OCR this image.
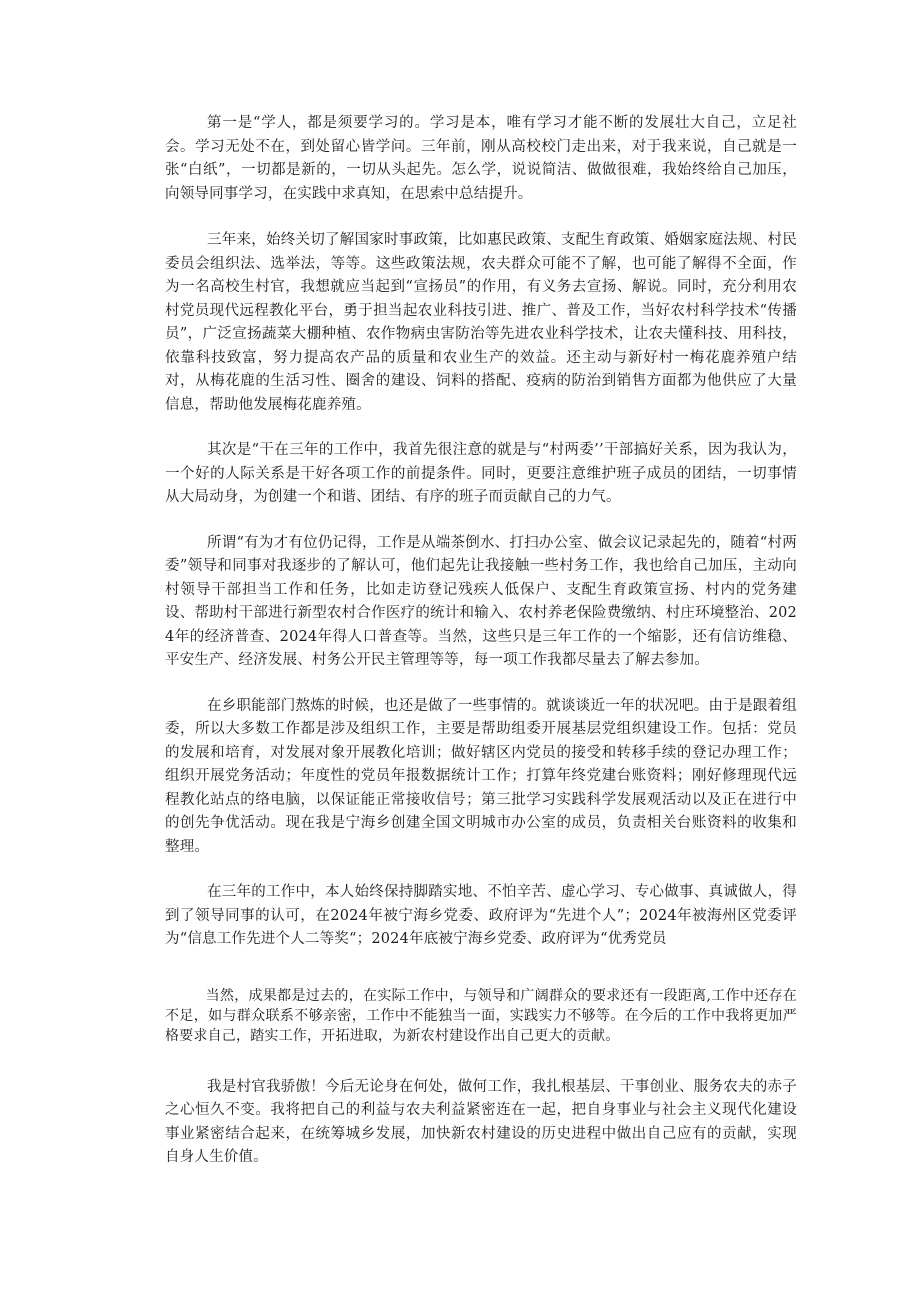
第一是“学人，都是须要学习的。学习是本，唯有学习才能不断的发展壮大自己，立足社会。学习无处不在，到处留心皆学问。三年前，刚从高校校门走出来，对于我来说，自己就是一张“白纸”，一切都是新的，一切从头起先。怎么学，说说简洁、做做很难，我始终给自己加压，向领导同事学习，在实践中求真知，在思索中总结提升。

三年来，始终关切了解国家时事政策，比如惠民政策、支配生育政策、婚姻家庭法规、村民委员会组织法、选举法，等等。这些政策法规，农夫群众可能不了解，也可能了解得不全面，作为一名高校生村官，我想就应当起到“宣扬员”的作用，有义务去宣扬、解说。同时，充分利用农村党员现代远程教化平台，勇于担当起农业科技引进、推广、普及工作，当好农村科学技术“传播员”，广泛宣扬蔬菜大棚种植、农作物病虫害防治等先进农业科学技术，让农夫懂科技、用科技，依靠科技致富，努力提高农产品的质量和农业生产的效益。还主动与新好村一梅花鹿养殖户结对，从梅花鹿的生活习性、圈舍的建设、饲料的搭配、疫病的防治到销售方面都为他供应了大量信息，帮助他发展梅花鹿养殖。

其次是“干在三年的工作中，我首先很注意的就是与“村两委’’干部搞好关系，因为我认为，一个好的人际关系是干好各项工作的前提条件。同时，更要注意维护班子成员的团结，一切事情从大局动身，为创建一个和谐、团结、有序的班子而贡献自己的力气。

所谓“有为才有位仍记得，工作是从端茶倒水、打扫办公室、做会议记录起先的，随着“村两委”领导和同事对我逐步的了解认可，他们起先让我接触一些村务工作，我也给自己加压，主动向村领导干部担当工作和任务，比如走访登记残疾人低保户、支配生育政策宣扬、村内的党务建设、帮助村干部进行新型农村合作医疗的统计和输入、农村养老保险费缴纳、村庄环境整治、2024年的经济普查、2024年得人口普查等。当然，这些只是三年工作的一个缩影，还有信访维稳、平安生产、经济发展、村务公开民主管理等等，每一项工作我都尽量去了解去参加。

在乡职能部门熬炼的时候，也还是做了一些事情的。就谈谈近一年的状况吧。由于是跟着组委，所以大多数工作都是涉及组织工作，主要是帮助组委开展基层党组织建设工作。包括：党员的发展和培育，对发展对象开展教化培训；做好辖区内党员的接受和转移手续的登记办理工作；组织开展党务活动；年度性的党员年报数据统计工作；打算年终党建台账资料；刚好修理现代远程教化站点的络电脑，以保证能正常接收信号；第三批学习实践科学发展观活动以及正在进行中的创先争优活动。现在我是宁海乡创建全国文明城市办公室的成员，负责相关台账资料的收集和整理。

在三年的工作中，本人始终保持脚踏实地、不怕辛苦、虚心学习、专心做事、真诚做人，得到了领导同事的认可，在2024年被宁海乡党委、政府评为“先进个人”；2024年被海州区党委评为“信息工作先进个人二等奖“；2024年底被宁海乡党委、政府评为“优秀党员

当然，成果都是过去的，在实际工作中，与领导和广阔群众的要求还有一段距离,工作中还存在不足，如与群众联系不够亲密，工作中不能独当一面，实践实力不够等。在今后的工作中我将更加严格要求自己，踏实工作，开拓进取，为新农村建设作出自己更大的贡献。

我是村官我骄傲！今后无论身在何处，做何工作，我扎根基层、干事创业、服务农夫的赤子之心恒久不变。我将把自己的利益与农夫利益紧密连在一起，把自身事业与社会主义现代化建设事业紧密结合起来，在统筹城乡发展，加快新农村建设的历史进程中做出自己应有的贡献，实现自身人生价值。
